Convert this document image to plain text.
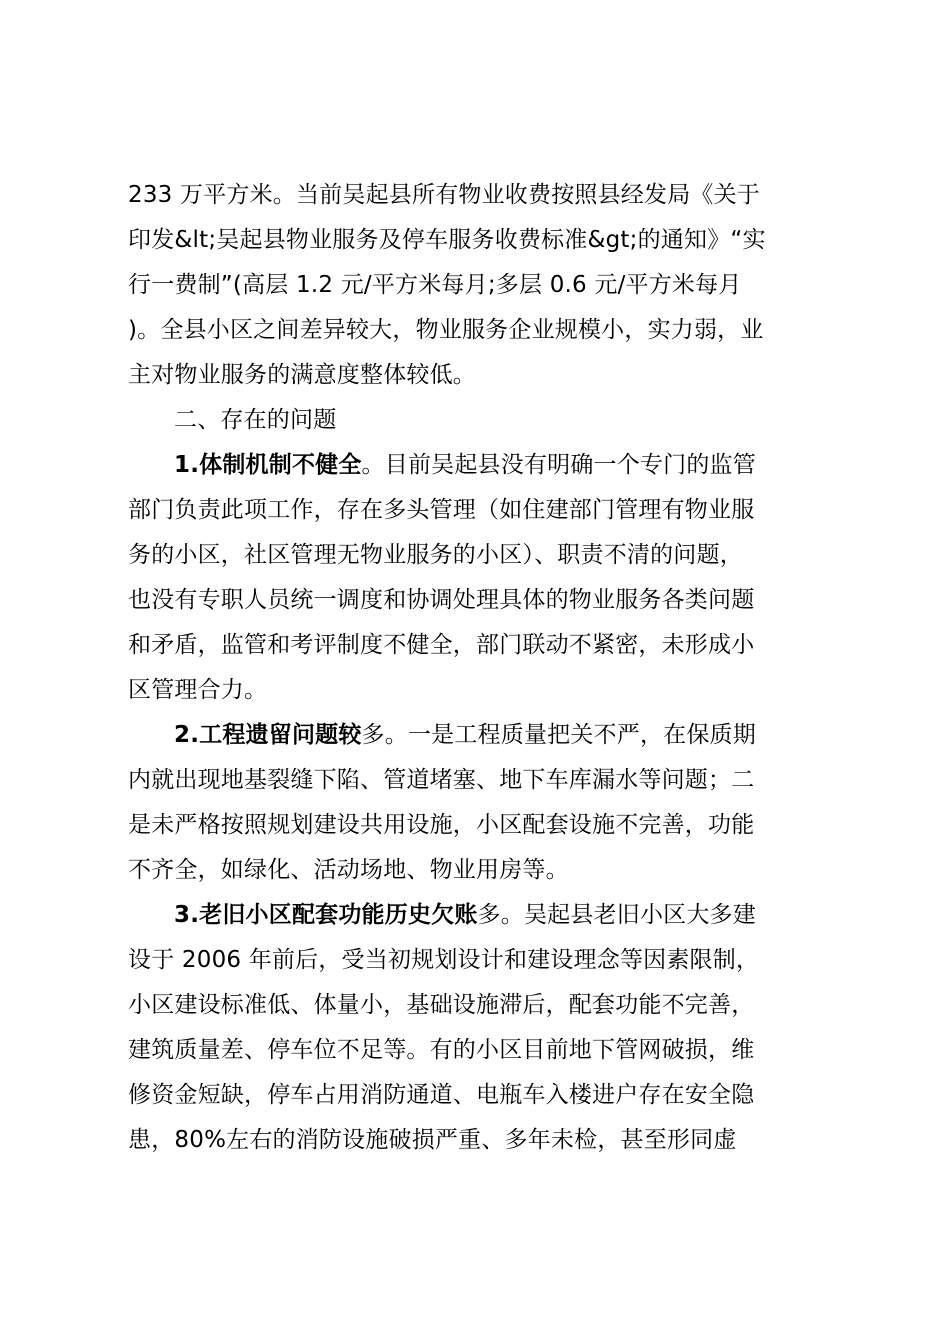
233 万平方米。当前吴起县所有物业收费按照县经发局《关于
印发&lt;吴起县物业服务及停车服务收费标准&gt;的通知》“实
行一费制”(高层 1.2 元/平方米每月;多层 0.6 元/平方米每月
)。全县小区之间差异较大，物业服务企业规模小，实力弱，业
主对物业服务的满意度整体较低。
二、存在的问题
1.体制机制不健全。目前吴起县没有明确一个专门的监管
部门负责此项工作，存在多头管理（如住建部门管理有物业服
务的小区，社区管理无物业服务的小区）、职责不清的问题，
也没有专职人员统一调度和协调处理具体的物业服务各类问题
和矛盾，监管和考评制度不健全，部门联动不紧密，未形成小
区管理合力。
2.工程遗留问题较多。一是工程质量把关不严，在保质期
内就出现地基裂缝下陷、管道堵塞、地下车库漏水等问题；二
是未严格按照规划建设共用设施，小区配套设施不完善，功能
不齐全，如绿化、活动场地、物业用房等。
3.老旧小区配套功能历史欠账多。吴起县老旧小区大多建
设于 2006 年前后，受当初规划设计和建设理念等因素限制，
小区建设标准低、体量小，基础设施滞后，配套功能不完善，
建筑质量差、停车位不足等。有的小区目前地下管网破损，维
修资金短缺，停车占用消防通道、电瓶车入楼进户存在安全隐
患，80%左右的消防设施破损严重、多年未检，甚至形同虚
